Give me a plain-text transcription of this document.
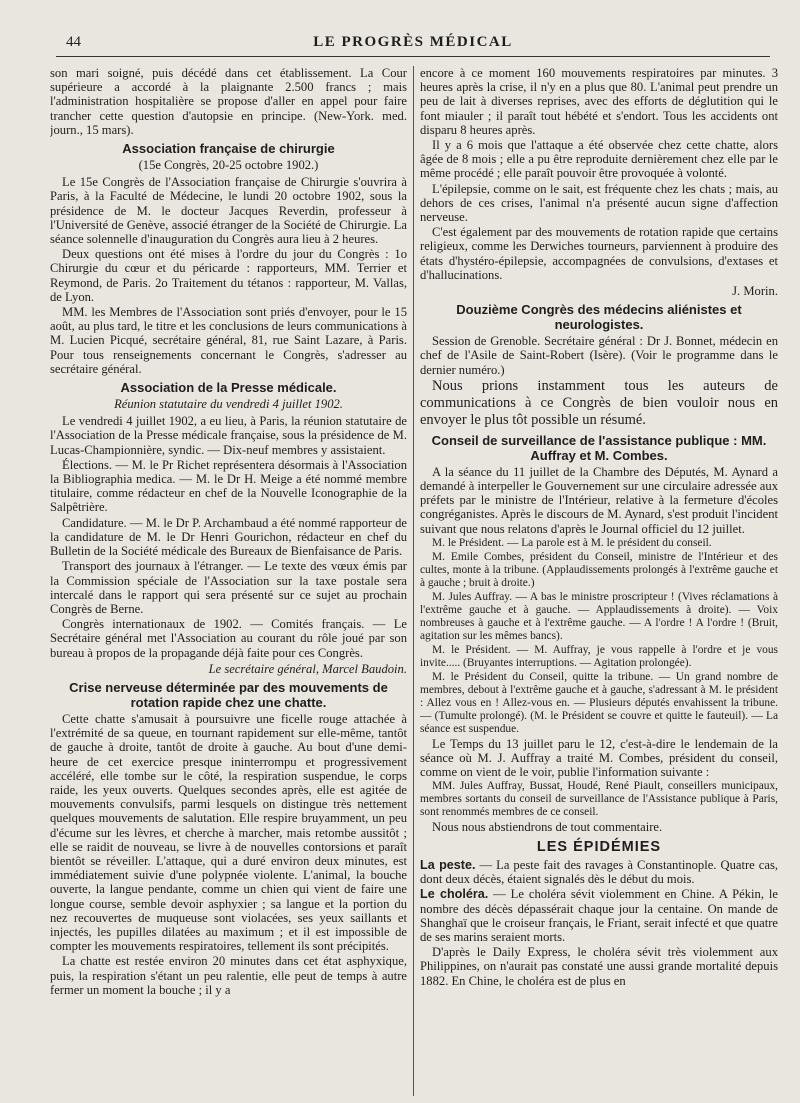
44	LE PROGRÈS MÉDICAL

son mari soigné, puis décédé dans cet établissement. La Cour supérieure a accordé à la plaignante 2.500 francs ; mais l'administration hospitalière se propose d'aller en appel pour faire trancher cette question d'autopsie en principe. (New-York. med. journ., 15 mars).

Association française de chirurgie
(15e Congrès, 20-25 octobre 1902.)

Le 15e Congrès de l'Association française de Chirurgie s'ouvrira à Paris, à la Faculté de Médecine, le lundi 20 octobre 1902, sous la présidence de M. le docteur Jacques Reverdin, professeur à l'Université de Genève, associé étranger de la Société de Chirurgie. La séance solennelle d'inauguration du Congrès aura lieu à 2 heures.

Deux questions ont été mises à l'ordre du jour du Congrès : 1o Chirurgie du cœur et du péricarde : rapporteurs, MM. Terrier et Reymond, de Paris. 2o Traitement du tétanos : rapporteur, M. Vallas, de Lyon.

MM. les Membres de l'Association sont priés d'envoyer, pour le 15 août, au plus tard, le titre et les conclusions de leurs communications à M. Lucien Picqué, secrétaire général, 81, rue Saint Lazare, à Paris. Pour tous renseignements concernant le Congrès, s'adresser au secrétaire général.

Association de la Presse médicale.
Réunion statutaire du vendredi 4 juillet 1902.

Le vendredi 4 juillet 1902, a eu lieu, à Paris, la réunion statutaire de l'Association de la Presse médicale française, sous la présidence de M. Lucas-Championnière, syndic. — Dix-neuf membres y assistaient.

Élections. — M. le Pr Richet représentera désormais à l'Association la Bibliographia medica. — M. le Dr H. Meige a été nommé membre titulaire, comme rédacteur en chef de la Nouvelle Iconographie de la Salpêtrière.

Candidature. — M. le Dr P. Archambaud a été nommé rapporteur de la candidature de M. le Dr Henri Gourichon, rédacteur en chef du Bulletin de la Société médicale des Bureaux de Bienfaisance de Paris.

Transport des journaux à l'étranger. — Le texte des vœux émis par la Commission spéciale de l'Association sur la taxe postale sera intercalé dans le rapport qui sera présenté sur ce sujet au prochain Congrès de Berne.

Congrès internationaux de 1902. — Comités français. — Le Secrétaire général met l'Association au courant du rôle joué par son bureau à propos de la propagande déjà faite pour ces Congrès.

Le secrétaire général, Marcel Baudoin.
Crise nerveuse déterminée par des mouvements de rotation rapide chez une chatte.

Cette chatte s'amusait à poursuivre une ficelle rouge attachée à l'extrémité de sa queue, en tournant rapidement sur elle-même, tantôt de gauche à droite, tantôt de droite à gauche. Au bout d'une demi-heure de cet exercice presque ininterrompu et progressivement accéléré, elle tombe sur le côté, la respiration suspendue, le corps raide, les yeux ouverts. Quelques secondes après, elle est agitée de mouvements convulsifs, parmi lesquels on distingue très nettement quelques mouvements de salutation. Elle respire bruyamment, un peu d'écume sur les lèvres, et cherche à marcher, mais retombe aussitôt ; elle se raidit de nouveau, se livre à de nouvelles contorsions et paraît bientôt se réveiller. L'attaque, qui a duré environ deux minutes, est immédiatement suivie d'une polypnée violente. L'animal, la bouche ouverte, la langue pendante, comme un chien qui vient de faire une longue course, semble devoir asphyxier ; sa langue et la portion du nez recouvertes de muqueuse sont violacées, ses yeux saillants et injectés, les pupilles dilatées au maximum ; et il est impossible de compter les mouvements respiratoires, tellement ils sont précipités.

La chatte est restée environ 20 minutes dans cet état asphyxique, puis, la respiration s'étant un peu ralentie, elle peut de temps à autre fermer un moment la bouche ; il y a

encore à ce moment 160 mouvements respiratoires par minutes. 3 heures après la crise, il n'y en a plus que 80. L'animal peut prendre un peu de lait à diverses reprises, avec des efforts de déglutition qui le font miauler ; il paraît tout hébété et s'endort. Tous les accidents ont disparu 8 heures après.

Il y a 6 mois que l'attaque a été observée chez cette chatte, alors âgée de 8 mois ; elle a pu être reproduite dernièrement chez elle par le même procédé ; elle paraît pouvoir être provoquée à volonté.

L'épilepsie, comme on le sait, est fréquente chez les chats ; mais, au dehors de ces crises, l'animal n'a présenté aucun signe d'affection nerveuse.

C'est également par des mouvements de rotation rapide que certains religieux, comme les Derwiches tourneurs, parviennent à produire des états d'hystéro-épilepsie, accompagnées de convulsions, d'extases et d'hallucinations.

J. Morin.
Douzième Congrès des médecins aliénistes et neurologistes.

Session de Grenoble. Secrétaire général : Dr J. Bonnet, médecin en chef de l'Asile de Saint-Robert (Isère). (Voir le programme dans le dernier numéro.)

Nous prions instamment tous les auteurs de communications à ce Congrès de bien vouloir nous en envoyer le plus tôt possible un résumé.

Conseil de surveillance de l'assistance publique : MM. Auffray et M. Combes.

A la séance du 11 juillet de la Chambre des Députés, M. Aynard a demandé à interpeller le Gouvernement sur une circulaire adressée aux préfets par le ministre de l'Intérieur, relative à la fermeture d'écoles congréganistes. Après le discours de M. Aynard, s'est produit l'incident suivant que nous relatons d'après le Journal officiel du 12 juillet.

M. le Président. — La parole est à M. le président du conseil.

M. Emile Combes, président du Conseil, ministre de l'Intérieur et des cultes, monte à la tribune. (Applaudissements prolongés à l'extrême gauche et à gauche ; bruit à droite.)

M. Jules Auffray. — A bas le ministre proscripteur ! (Vives réclamations à l'extrême gauche et à gauche. — Applaudissements à droite). — Voix nombreuses à gauche et à l'extrême gauche. — A l'ordre ! A l'ordre ! (Bruit, agitation sur les mêmes bancs).

M. le Président. — M. Auffray, je vous rappelle à l'ordre et je vous invite..... (Bruyantes interruptions. — Agitation prolongée).

M. le Président du Conseil, quitte la tribune. — Un grand nombre de membres, debout à l'extrême gauche et à gauche, s'adressant à M. le président : Allez vous en ! Allez-vous en. — Plusieurs députés envahissent la tribune. — (Tumulte prolongé). (M. le Président se couvre et quitte le fauteuil). — La séance est suspendue.

Le Temps du 13 juillet paru le 12, c'est-à-dire le lendemain de la séance où M. J. Auffray a traité M. Combes, président du conseil, comme on vient de le voir, publie l'information suivante :

MM. Jules Auffray, Bussat, Houdé, René Piault, conseillers municipaux, membres sortants du conseil de surveillance de l'Assistance publique à Paris, sont renommés membres de ce conseil.

Nous nous abstiendrons de tout commentaire.

LES ÉPIDÉMIES

La peste. — La peste fait des ravages à Constantinople. Quatre cas, dont deux décès, étaient signalés dès le début du mois.

Le choléra. — Le choléra sévit violemment en Chine. A Pékin, le nombre des décès dépassérait chaque jour la centaine. On mande de Shanghaï que le croiseur français, le Friant, serait infecté et que quatre de ses marins seraient morts.

D'après le Daily Express, le choléra sévit très violemment aux Philippines, on n'aurait pas constaté une aussi grande mortalité depuis 1882. En Chine, le choléra est de plus en
